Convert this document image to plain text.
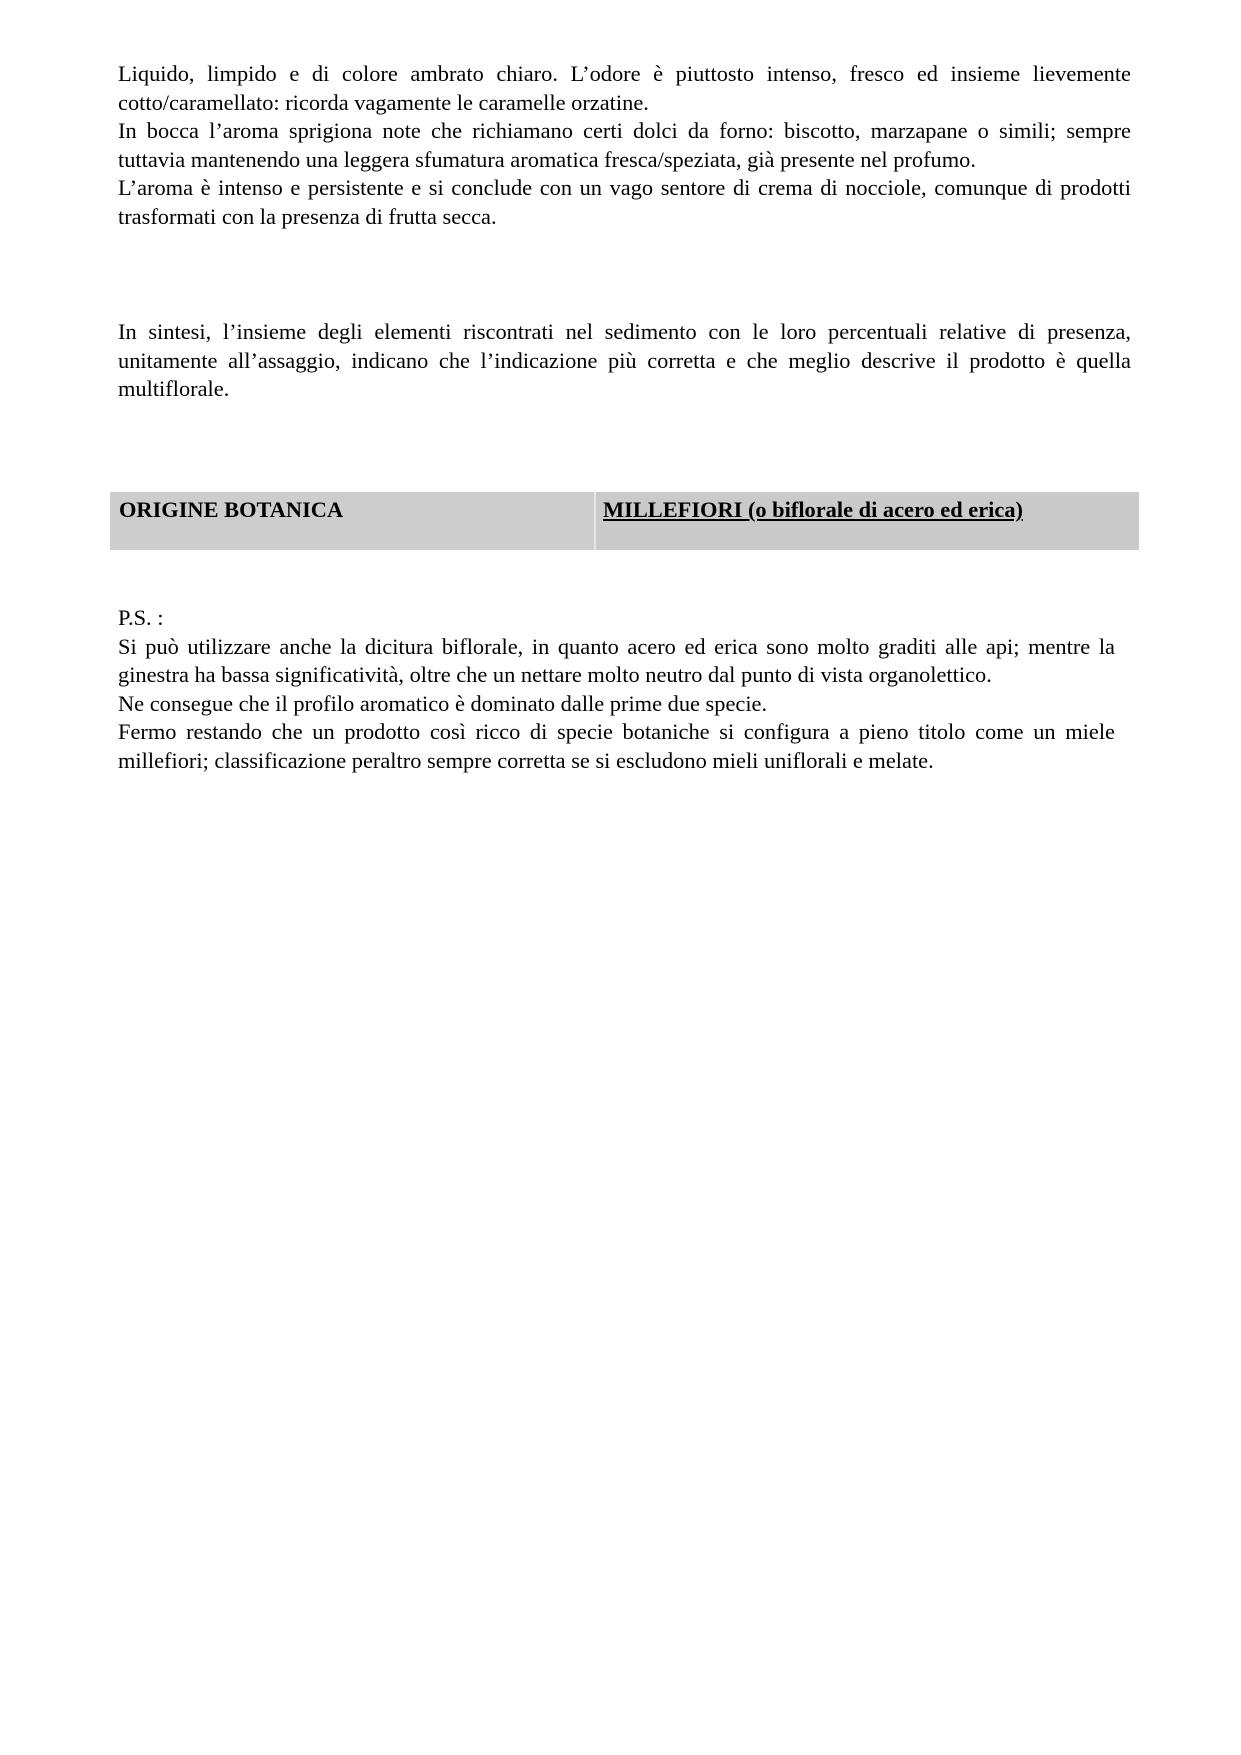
Liquido, limpido e di colore ambrato chiaro. L’odore è piuttosto intenso, fresco ed insieme lievemente cotto/caramellato: ricorda vagamente le caramelle orzatine.

In bocca l’aroma sprigiona note che richiamano certi dolci da forno: biscotto, marzapane o simili; sempre tuttavia mantenendo una leggera sfumatura aromatica fresca/speziata, già presente nel profumo.

L’aroma è intenso e persistente e si conclude con un vago sentore di crema di nocciole, comunque di prodotti trasformati con la presenza di frutta secca.

In sintesi, l’insieme degli elementi riscontrati nel sedimento con le loro percentuali relative di presenza, unitamente all’assaggio, indicano che l’indicazione più corretta e che meglio descrive il prodotto è quella multiflorale.

ORIGINE BOTANICA	MILLEFIORI (o biflorale di acero ed erica)

P.S. :

Si può utilizzare anche la dicitura biflorale, in quanto acero ed erica sono molto graditi alle api; mentre la ginestra ha bassa significatività, oltre che un nettare molto neutro dal punto di vista organolettico.

Ne consegue che il profilo aromatico è dominato dalle prime due specie.

Fermo restando che un prodotto così ricco di specie botaniche si configura a pieno titolo come un miele millefiori; classificazione peraltro sempre corretta se si escludono mieli uniflorali e melate.
